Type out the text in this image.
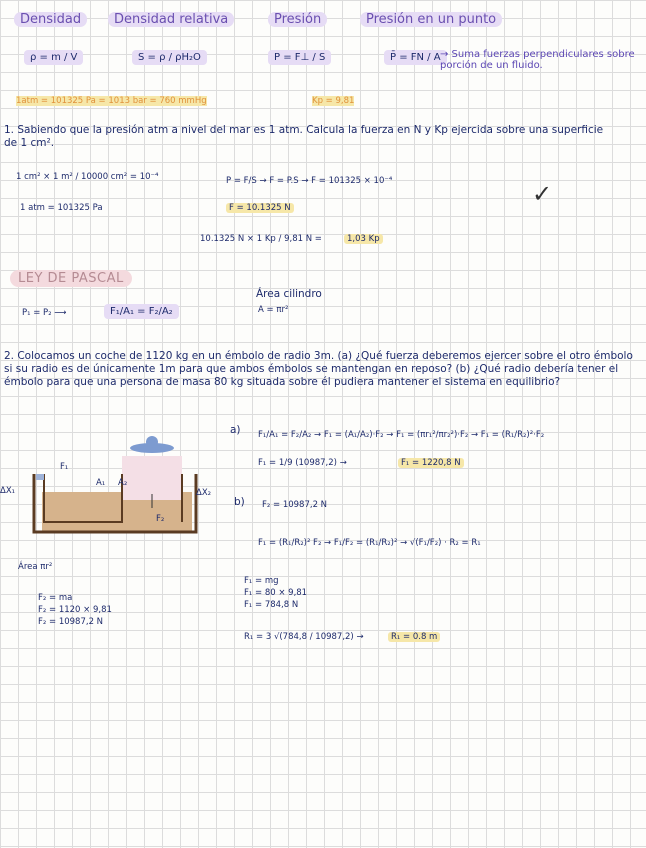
Densidad	Densidad relativa	Presión	Presión en un punto
ρ = m / V	S = ρ / ρH₂O	P = F⊥ / S	P̄ = FN / A → Suma fuerzas perpendiculares sobre porción de un fluido.
1atm = 101325 Pa = 1013 bar = 760 mmHg	Kp = 9,81
1. Sabiendo que la presión atm a nivel del mar es 1 atm. Calcula la fuerza en N y Kp ejercida sobre una superficie de 1 cm².
1 cm² × 1 m² / 10000 cm² = 10⁻⁴
1 atm = 101325 Pa
P = F/S → F = P.S → F = 101325 × 10⁻⁴
F = 10.1325 N	✓
10.1325 N × 1 Kp / 9,81 N =	1,03 Kp
LEY DE PASCAL
P₁ = P₂ ⟶	F₁/A₁ = F₂/A₂
Área cilindro
A = πr²
2. Colocamos un coche de 1120 kg en un émbolo de radio 3m. (a) ¿Qué fuerza deberemos ejercer sobre el otro émbolo si su radio es de únicamente 1m para que ambos émbolos se mantengan en reposo? (b) ¿Qué radio debería tener el émbolo para que una persona de masa 80 kg situada sobre él pudiera mantener el sistema en equilibrio?
a) F₁/A₁ = F₂/A₂ → F₁ = (A₁/A₂)·F₂ → F₁ = (πr₁²/πr₂²)·F₂ → F₁ = (R₁/R₂)²·F₂
F₁ = 1/9 (10987,2) →	F₁ = 1220,8 N
b) F₂ = 10987,2 N
F₁ = (R₁/R₂)² F₂ → F₁/F₂ = (R₁/R₂)² → √(F₁/F₂) · R₂ = R₁
F₁ = mg
F₁ = 80 × 9,81
F₁ = 784,8 N
R₁ = 3 √(784,8 / 10987,2) →	R₁ = 0.8 m
F₁
A₁ A₂
F₂
ΔX₁	ΔX₂
Área πr²
F₂ = ma
F₂ = 1120 × 9,81
F₂ = 10987,2 N
